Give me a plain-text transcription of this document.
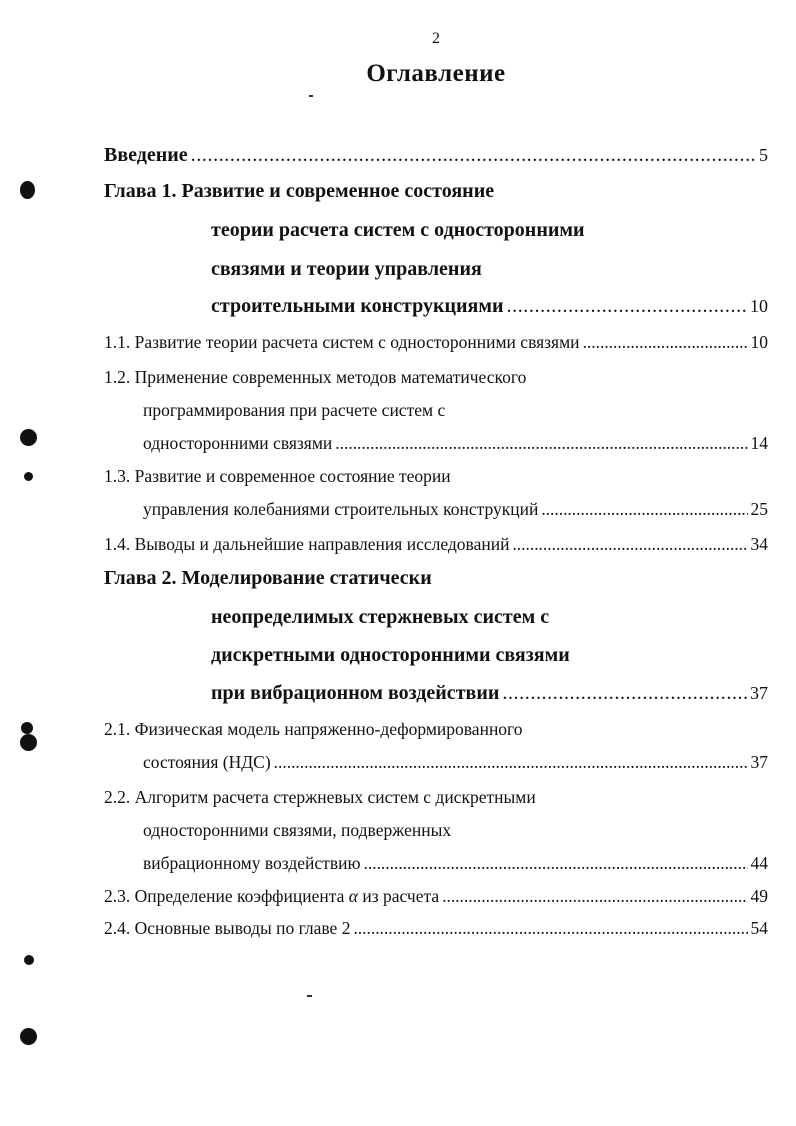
2
Оглавление
Введение . . .	5
Глава 1. Развитие и современное состояние
теории расчета систем с односторонними
связями и теории управления
строительными конструкциями . . .	10
1.1. Развитие теории расчета систем с односторонними связями . . .	10
1.2. Применение современных методов математического
программирования при расчете систем с
односторонними связями . . .	14
1.3. Развитие и современное состояние теории
управления колебаниями строительных конструкций . . .	25
1.4. Выводы и дальнейшие направления исследований . . .	34
Глава 2. Моделирование статически
неопределимых стержневых систем с
дискретными односторонними связями
при вибрационном воздействии . . .	37
2.1. Физическая модель напряженно-деформированного
состояния (НДС) . . .	37
2.2. Алгоритм расчета стержневых систем с дискретными
односторонними связями, подверженных
вибрационному воздействию . . .	44
2.3. Определение коэффициента α из расчета . . .	49
2.4. Основные выводы по главе 2 . . .	54
